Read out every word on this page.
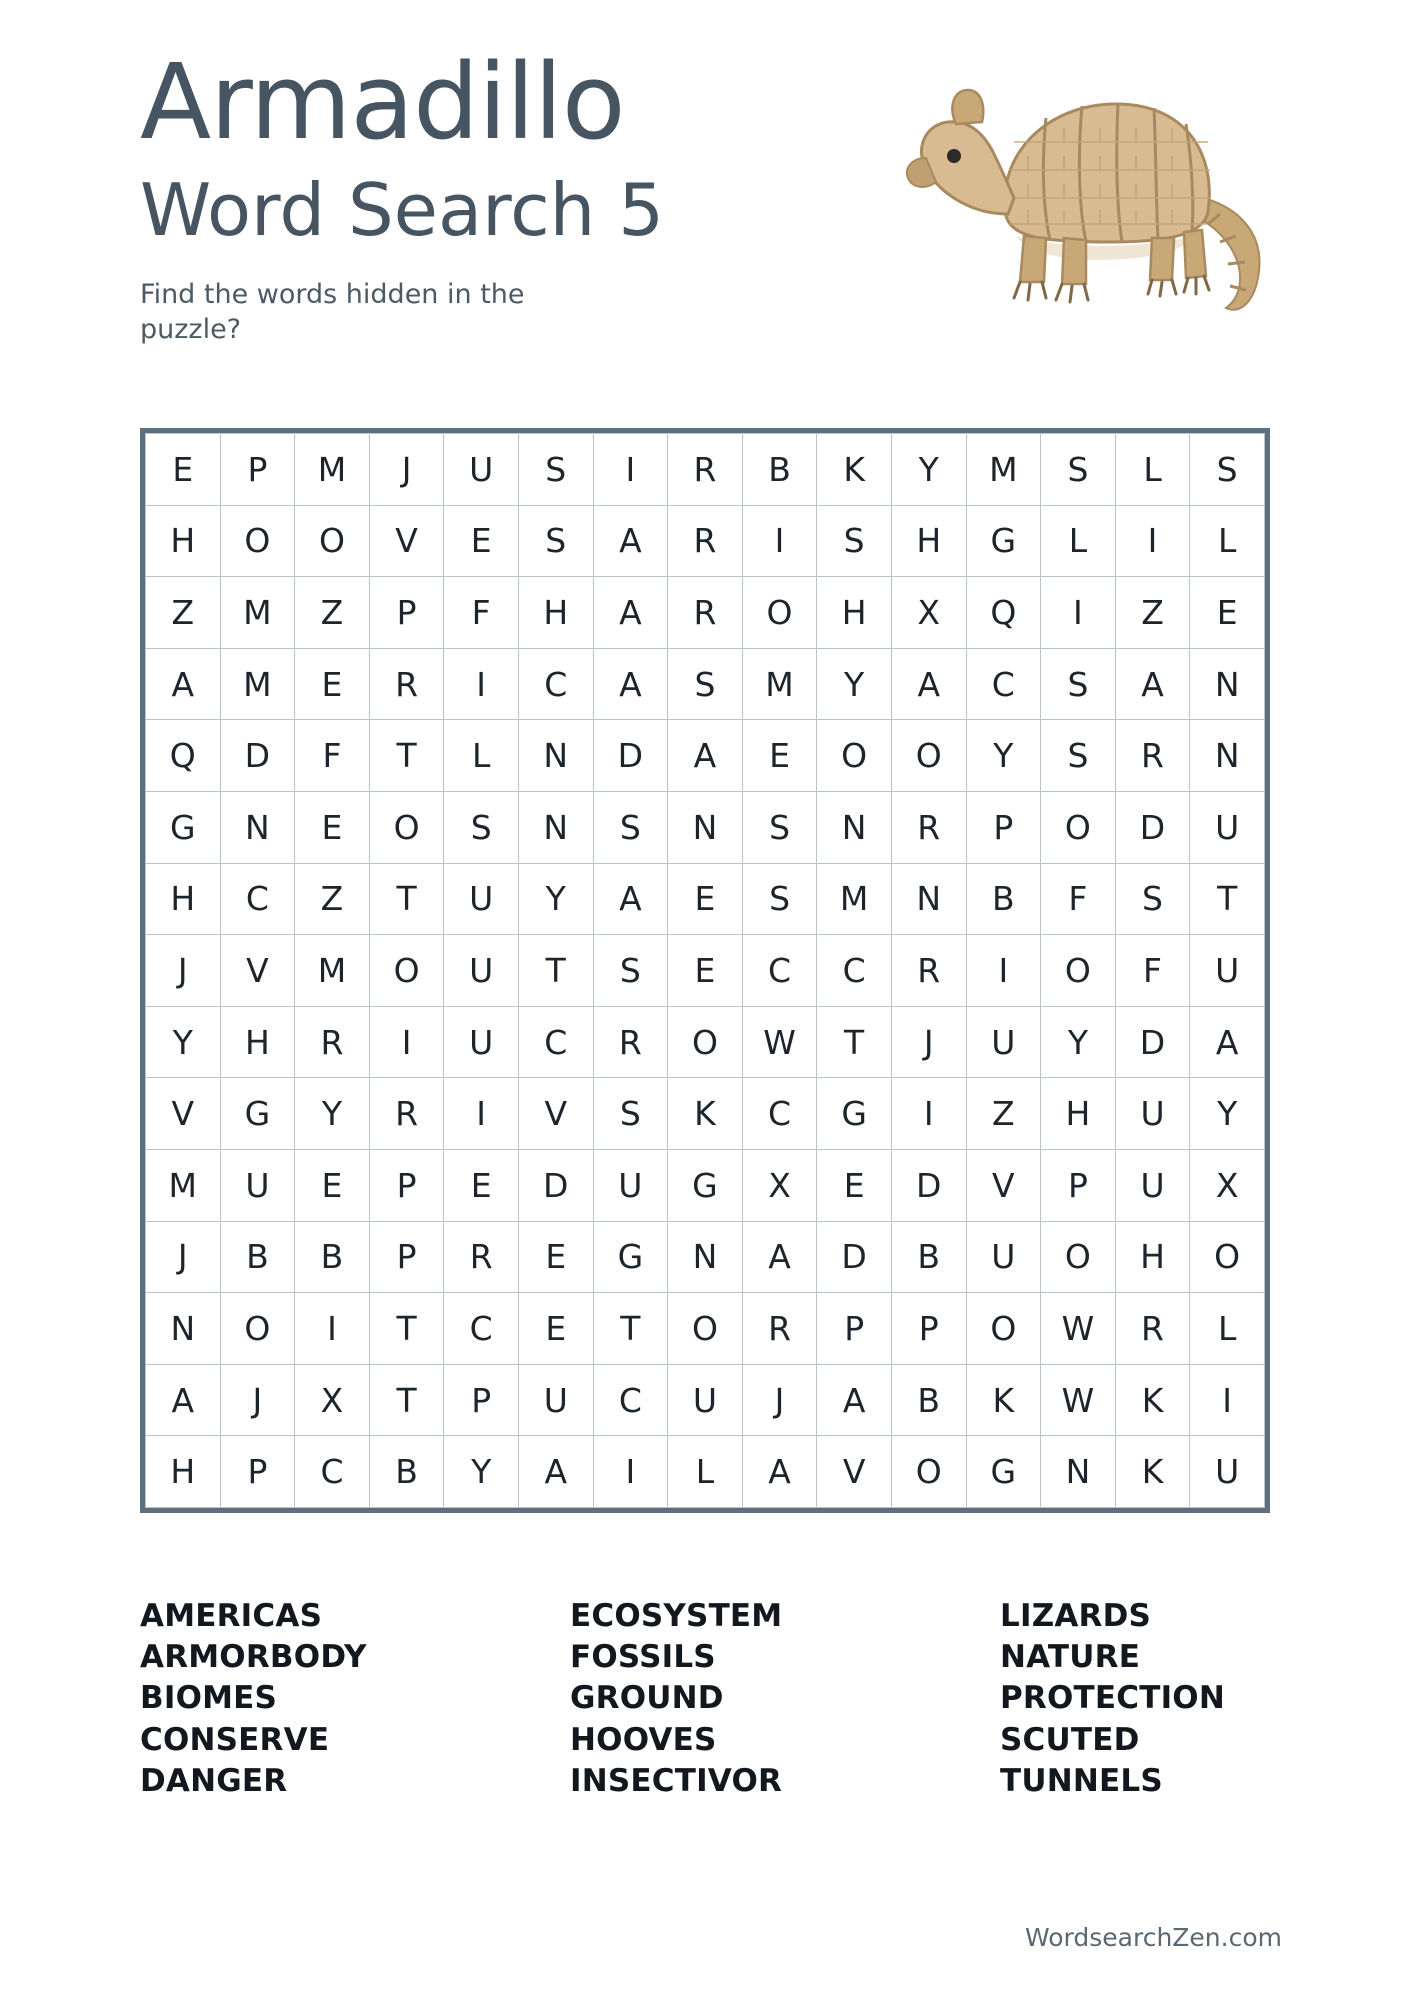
Armadillo
Word Search 5
Find the words hidden in the puzzle?
E	P	M	J	U	S	I	R	B	K	Y	M	S	L	S
H	O	O	V	E	S	A	R	I	S	H	G	L	I	L
Z	M	Z	P	F	H	A	R	O	H	X	Q	I	Z	E
A	M	E	R	I	C	A	S	M	Y	A	C	S	A	N
Q	D	F	T	L	N	D	A	E	O	O	Y	S	R	N
G	N	E	O	S	N	S	N	S	N	R	P	O	D	U
H	C	Z	T	U	Y	A	E	S	M	N	B	F	S	T
J	V	M	O	U	T	S	E	C	C	R	I	O	F	U
Y	H	R	I	U	C	R	O	W	T	J	U	Y	D	A
V	G	Y	R	I	V	S	K	C	G	I	Z	H	U	Y
M	U	E	P	E	D	U	G	X	E	D	V	P	U	X
J	B	B	P	R	E	G	N	A	D	B	U	O	H	O
N	O	I	T	C	E	T	O	R	P	P	O	W	R	L
A	J	X	T	P	U	C	U	J	A	B	K	W	K	I
H	P	C	B	Y	A	I	L	A	V	O	G	N	K	U
AMERICAS
ARMORBODY
BIOMES
CONSERVE
DANGER
ECOSYSTEM
FOSSILS
GROUND
HOOVES
INSECTIVOR
LIZARDS
NATURE
PROTECTION
SCUTED
TUNNELS
WordsearchZen.com
